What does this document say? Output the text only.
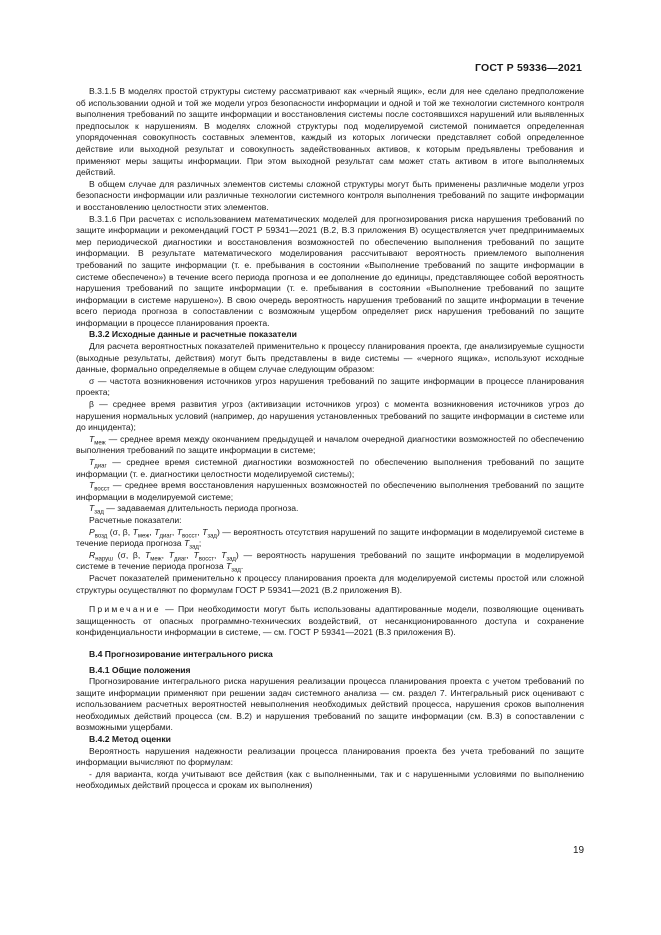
ГОСТ Р 59336—2021

В.3.1.5 В моделях простой структуры систему рассматривают как «черный ящик», если для нее сделано предположение об использовании одной и той же модели угроз безопасности информации и одной и той же технологии системного контроля выполнения требований по защите информации и восстановления системы после состоявшихся нарушений или выявленных предпосылок к нарушениям. В моделях сложной структуры под моделируемой системой понимается определенная упорядоченная совокупность составных элементов, каждый из которых логически представляет собой определенное действие или выходной результат и совокупность задействованных активов, к которым предъявлены требования и применяют меры защиты информации. При этом выходной результат сам может стать активом в итоге выполняемых действий.

В общем случае для различных элементов системы сложной структуры могут быть применены различные модели угроз безопасности информации или различные технологии системного контроля выполнения требований по защите информации и восстановлению целостности этих элементов.

В.3.1.6 При расчетах с использованием математических моделей для прогнозирования риска нарушения требований по защите информации и рекомендаций ГОСТ Р 59341—2021 (В.2, В.3 приложения В) осуществляется учет предпринимаемых мер периодической диагностики и восстановления возможностей по обеспечению выполнения требований по защите информации. В результате математического моделирования рассчитывают вероятность приемлемого выполнения требований по защите информации (т. е. пребывания в состоянии «Выполнение требований по защите информации в системе обеспечено») в течение всего периода прогноза и ее дополнение до единицы, представляющее собой вероятность нарушения требований по защите информации (т. е. пребывания в состоянии «Выполнение требований по защите информации в системе нарушено»). В свою очередь вероятность нарушения требований по защите информации в течение всего периода прогноза в сопоставлении с возможным ущербом определяет риск нарушения требований по защите информации в процессе планирования проекта.

В.3.2 Исходные данные и расчетные показатели

Для расчета вероятностных показателей применительно к процессу планирования проекта, где анализируемые сущности (выходные результаты, действия) могут быть представлены в виде системы — «черного ящика», используют исходные данные, формально определяемые в общем случае следующим образом:

σ — частота возникновения источников угроз нарушения требований по защите информации в процессе планирования проекта;

β — среднее время развития угроз (активизации источников угроз) с момента возникновения источников угроз до нарушения нормальных условий (например, до нарушения установленных требований по защите информации в системе или до инцидента);

$T_{меж}$ — среднее время между окончанием предыдущей и началом очередной диагностики возможностей по обеспечению выполнения требований по защите информации в системе;

$T_{диаг}$ — среднее время системной диагностики возможностей по обеспечению выполнения требований по защите информации (т. е. диагностики целостности моделируемой системы);

$T_{восст}$ — среднее время восстановления нарушенных возможностей по обеспечению выполнения требований по защите информации в моделируемой системе;

$T_{зад}$ — задаваемая длительность периода прогноза.

Расчетные показатели:

$P_{возд}$ (σ, β, $T_{меж}$, $T_{диаг}$, $T_{восст}$, $T_{зад}$) — вероятность отсутствия нарушений по защите информации в моделируемой системе в течение периода прогноза $T_{зад}$;

$R_{наруш}$ (σ, β, $T_{меж}$, $T_{диаг}$, $T_{восст}$, $T_{зад}$) — вероятность нарушения требований по защите информации в моделируемой системе в течение периода прогноза $T_{зад}$.

Расчет показателей применительно к процессу планирования проекта для моделируемой системы простой или сложной структуры осуществляют по формулам ГОСТ Р 59341—2021 (В.2 приложения В).

Примечание — При необходимости могут быть использованы адаптированные модели, позволяющие оценивать защищенность от опасных программно-технических воздействий, от несанкционированного доступа и сохранение конфиденциальности информации в системе, — см. ГОСТ Р 59341—2021 (В.3 приложения В).

В.4 Прогнозирование интегрального риска

В.4.1 Общие положения

Прогнозирование интегрального риска нарушения реализации процесса планирования проекта с учетом требований по защите информации применяют при решении задач системного анализа — см. раздел 7. Интегральный риск оценивают с использованием расчетных вероятностей невыполнения необходимых действий процесса, нарушения сроков выполнения необходимых действий процесса (см. В.2) и нарушения требований по защите информации (см. В.3) в сопоставлении с возможными ущербами.

В.4.2 Метод оценки

Вероятность нарушения надежности реализации процесса планирования проекта без учета требований по защите информации вычисляют по формулам:

- для варианта, когда учитывают все действия (как с выполненными, так и с нарушенными условиями по выполнению необходимых действий процесса и срокам их выполнения)

19
